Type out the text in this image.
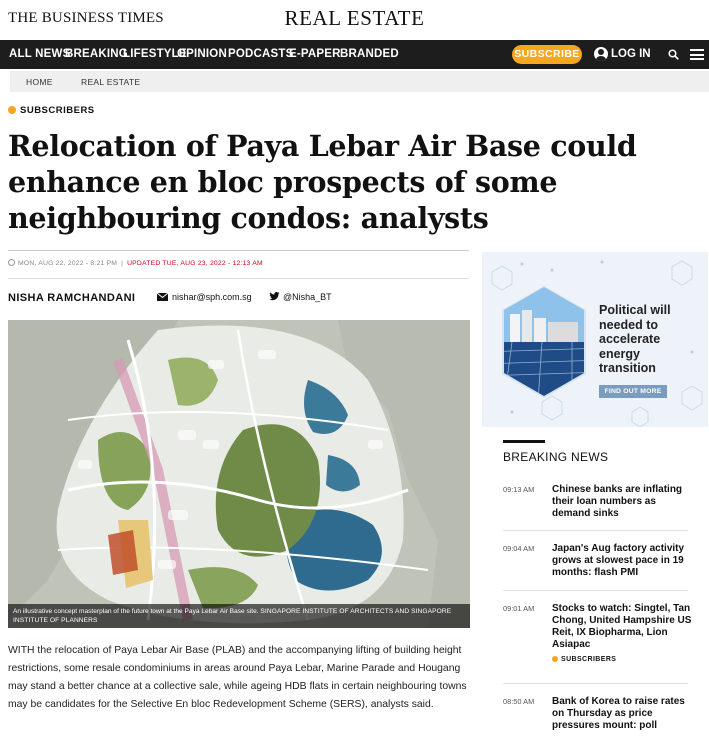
THE BUSINESS TIMES	REAL ESTATE
ALL NEWS
BREAKING
LIFESTYLE
OPINION PODCASTS
E-PAPER BRANDED	SUBSCRIBE	LOG IN
HOME	REAL ESTATE
SUBSCRIBERS
Relocation of Paya Lebar Air Base could enhance en bloc prospects of some neighbouring condos: analysts
MON, AUG 22, 2022 - 8:21 PM | UPDATED TUE, AUG 23, 2022 - 12:13 AM
NISHA RAMCHANDANI	nishar@sph.com.sg	@Nisha_BT
An illustrative concept masterplan of the future town at the Paya Lebar Air Base site. SINGAPORE INSTITUTE OF ARCHITECTS AND SINGAPORE INSTITUTE OF PLANNERS

WITH the relocation of Paya Lebar Air Base (PLAB) and the accompanying lifting of building height restrictions, some resale condominiums in areas around Paya Lebar, Marine Parade and Hougang may stand a better chance at a collective sale, while ageing HDB flats in certain neighbouring towns may be candidates for the Selective En bloc Redevelopment Scheme (SERS), analysts said.

Political will
needed to
accelerate
energy
transition
FIND OUT MORE
BREAKING NEWS
09:13 AM Chinese banks are inflating
their loan numbers as
demand sinks
09:04 AM Japan's Aug factory activity
grows at slowest pace in 19
months: flash PMI
09:01 AM Stocks to watch: Singtel, Tan
Chong, United Hampshire US
Reit, IX Biopharma, Lion
Asiapac
SUBSCRIBERS
08:50 AM Bank of Korea to raise rates
on Thursday as price
pressures mount: poll
